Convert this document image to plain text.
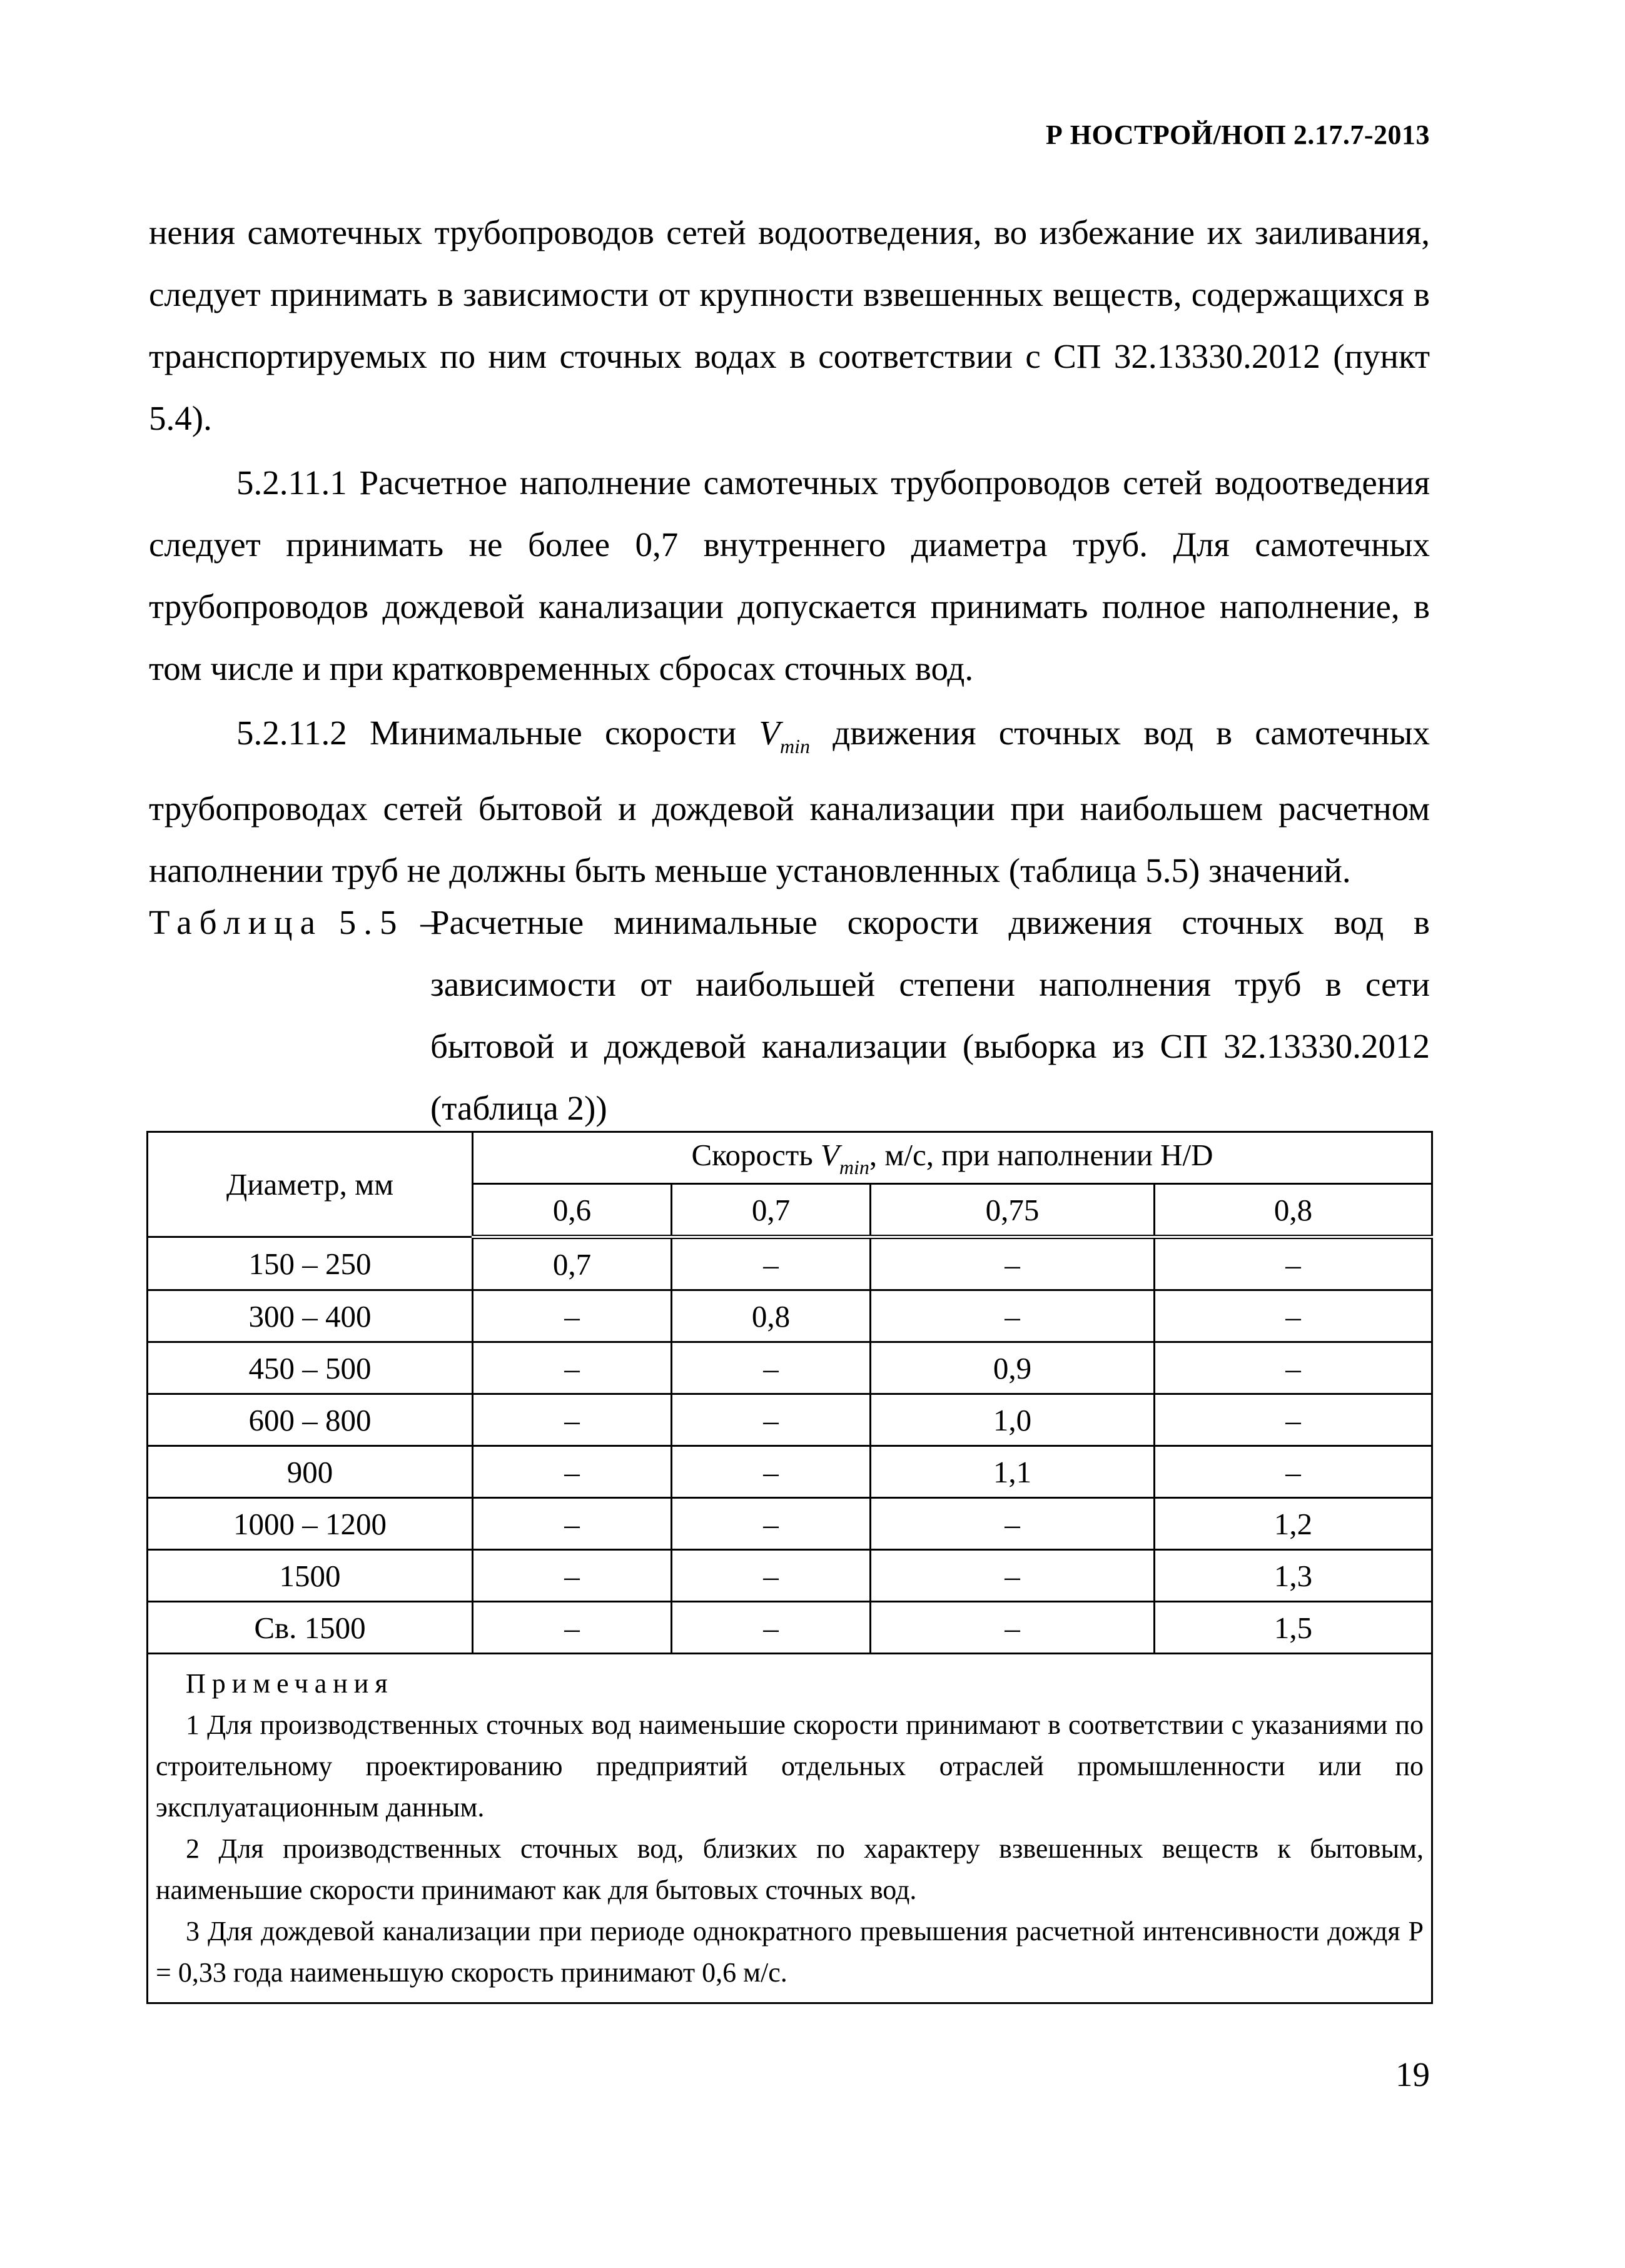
Р НОСТРОЙ/НОП 2.17.7-2013
нения самотечных трубопроводов сетей водоотведения, во избежание их заиливания, следует принимать в зависимости от крупности взвешенных веществ, содержащихся в транспортируемых по ним сточных водах в соответствии с СП 32.13330.2012 (пункт 5.4).
5.2.11.1 Расчетное наполнение самотечных трубопроводов сетей водоотведения следует принимать не более 0,7 внутреннего диаметра труб. Для самотечных трубопроводов дождевой канализации допускается принимать полное наполнение, в том числе и при кратковременных сбросах сточных вод.
5.2.11.2 Минимальные скорости $V_{min}$ движения сточных вод в самотечных трубопроводах сетей бытовой и дождевой канализации при наибольшем расчетном наполнении труб не должны быть меньше установленных (таблица 5.5) значений.
Таблица 5.5 –
Расчетные минимальные скорости движения сточных вод в зависимости от наибольшей степени наполнения труб в сети бытовой и дождевой канализации (выборка из СП 32.13330.2012 (таблица 2))
Диаметр, мм	Скорость $V_{min}$, м/с, при наполнении H/D			
	0,6	0,7	0,75	0,8
150 – 250	0,7	–	–	–
300 – 400	–	0,8	–	–
450 – 500	–	–	0,9	–
600 – 800	–	–	1,0	–
900	–	–	1,1	–
1000 – 1200	–	–	–	1,2
1500	–	–	–	1,3
Св. 1500	–	–	–	1,5

Примечания
1 Для производственных сточных вод наименьшие скорости принимают в соответствии с указаниями по строительному проектированию предприятий отдельных отраслей промышленности или по эксплуатационным данным.
2 Для производственных сточных вод, близких по характеру взвешенных веществ к бытовым, наименьшие скорости принимают как для бытовых сточных вод.
3 Для дождевой канализации при периоде однократного превышения расчетной интенсивности дождя Р = 0,33 года наименьшую скорость принимают 0,6 м/с.				
19
